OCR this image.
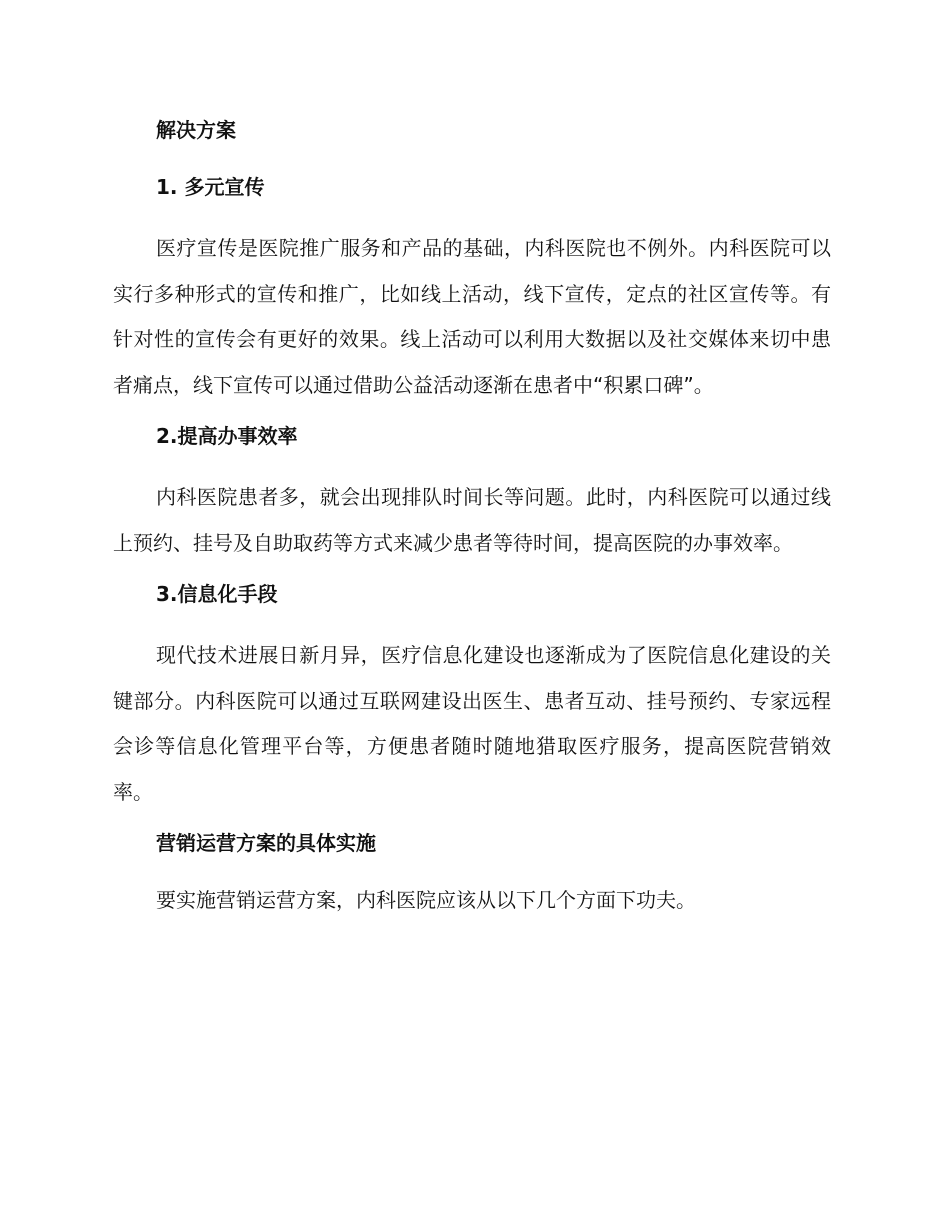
解决方案
1. 多元宣传
医疗宣传是医院推广服务和产品的基础，内科医院也不例外。内科医院可以实行多种形式的宣传和推广，比如线上活动，线下宣传，定点的社区宣传等。有针对性的宣传会有更好的效果。线上活动可以利用大数据以及社交媒体来切中患者痛点，线下宣传可以通过借助公益活动逐渐在患者中“积累口碑”。
2.提高办事效率
内科医院患者多，就会出现排队时间长等问题。此时，内科医院可以通过线上预约、挂号及自助取药等方式来减少患者等待时间，提高医院的办事效率。
3.信息化手段
现代技术进展日新月异，医疗信息化建设也逐渐成为了医院信息化建设的关键部分。内科医院可以通过互联网建设出医生、患者互动、挂号预约、专家远程会诊等信息化管理平台等，方便患者随时随地猎取医疗服务，提高医院营销效率。
营销运营方案的具体实施
要实施营销运营方案，内科医院应该从以下几个方面下功夫。
